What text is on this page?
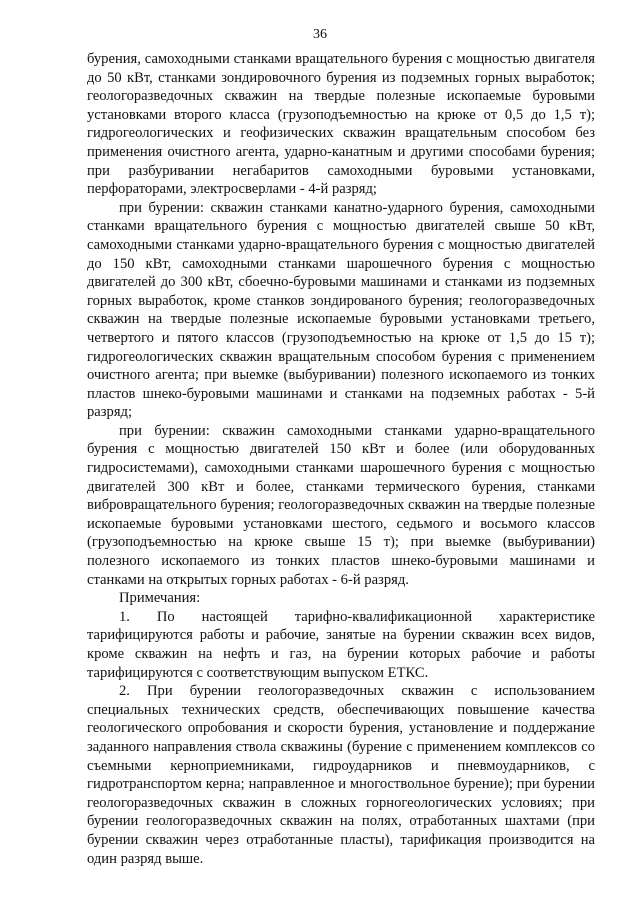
36

бурения, самоходными станками вращательного бурения с мощностью двигателя до 50 кВт, станками зондировочного бурения из подземных горных выработок; геологоразведочных скважин на твердые полезные ископаемые буровыми установками второго класса (грузоподъемностью на крюке от 0,5 до 1,5 т); гидрогеологических и геофизических скважин вращательным способом без применения очистного агента, ударно-канатным и другими способами бурения; при разбуривании негабаритов самоходными буровыми установками, перфораторами, электросверлами - 4-й разряд;

при бурении: скважин станками канатно-ударного бурения, самоходными станками вращательного бурения с мощностью двигателей свыше 50 кВт, самоходными станками ударно-вращательного бурения с мощностью двигателей до 150 кВт, самоходными станками шарошечного бурения с мощностью двигателей до 300 кВт, сбоечно-буровыми машинами и станками из подземных горных выработок, кроме станков зондированого бурения; геологоразведочных скважин на твердые полезные ископаемые буровыми установками третьего, четвертого и пятого классов (грузоподъемностью на крюке от 1,5 до 15 т); гидрогеологических скважин вращательным способом бурения с применением очистного агента; при выемке (выбуривании) полезного ископаемого из тонких пластов шнеко-буровыми машинами и станками на подземных работах - 5-й разряд;

при бурении: скважин самоходными станками ударно-вращательного бурения с мощностью двигателей 150 кВт и более (или оборудованных гидросистемами), самоходными станками шарошечного бурения с мощностью двигателей 300 кВт и более, станками термического бурения, станками вибровращательного бурения; геологоразведочных скважин на твердые полезные ископаемые буровыми установками шестого, седьмого и восьмого классов (грузоподъемностью на крюке свыше 15 т); при выемке (выбуривании) полезного ископаемого из тонких пластов шнеко-буровыми машинами и станками на открытых горных работах - 6-й разряд.

Примечания:

1. По настоящей тарифно-квалификационной характеристике тарифицируются работы и рабочие, занятые на бурении скважин всех видов, кроме скважин на нефть и газ, на бурении которых рабочие и работы тарифицируются с соответствующим выпуском ЕТКС.

2. При бурении геологоразведочных скважин с использованием специальных технических средств, обеспечивающих повышение качества геологического опробования и скорости бурения, установление и поддержание заданного направления ствола скважины (бурение с применением комплексов со съемными керноприемниками, гидроударников и пневмоударников, с гидротранспортом керна; направленное и многоствольное бурение); при бурении геологоразведочных скважин в сложных горногеологических условиях; при бурении геологоразведочных скважин на полях, отработанных шахтами (при бурении скважин через отработанные пласты), тарификация производится на один разряд выше.
